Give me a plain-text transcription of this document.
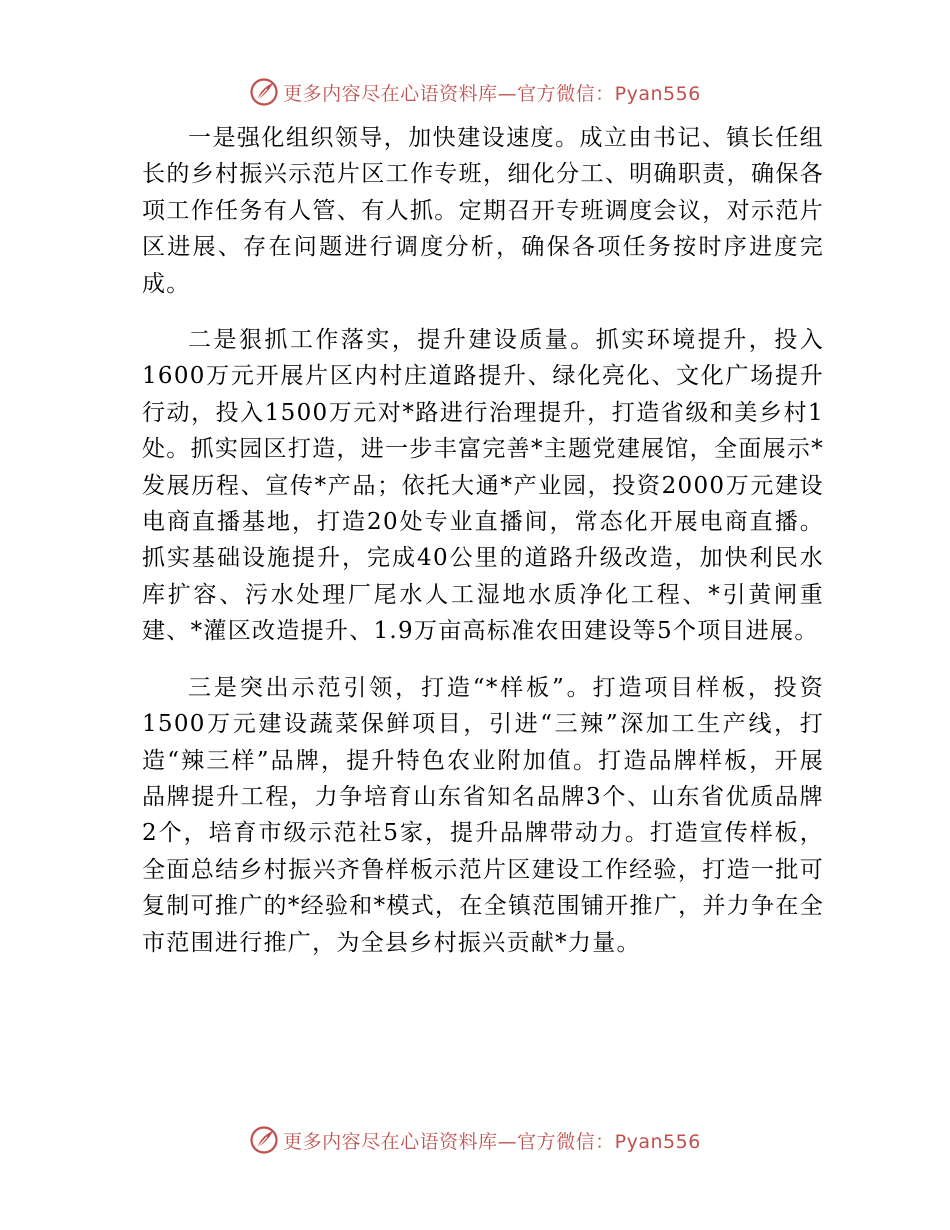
更多内容尽在心语资料库—官方微信：Pyan556

一是强化组织领导，加快建设速度。成立由书记、镇长任组长的乡村振兴示范片区工作专班，细化分工、明确职责，确保各项工作任务有人管、有人抓。定期召开专班调度会议，对示范片区进展、存在问题进行调度分析，确保各项任务按时序进度完成。

二是狠抓工作落实，提升建设质量。抓实环境提升，投入1600万元开展片区内村庄道路提升、绿化亮化、文化广场提升行动，投入1500万元对*路进行治理提升，打造省级和美乡村1处。抓实园区打造，进一步丰富完善*主题党建展馆，全面展示*发展历程、宣传*产品；依托大通*产业园，投资2000万元建设电商直播基地，打造20处专业直播间，常态化开展电商直播。抓实基础设施提升，完成40公里的道路升级改造，加快利民水库扩容、污水处理厂尾水人工湿地水质净化工程、*引黄闸重建、*灌区改造提升、1.9万亩高标准农田建设等5个项目进展。

三是突出示范引领，打造“*样板”。打造项目样板，投资1500万元建设蔬菜保鲜项目，引进“三辣”深加工生产线，打造“辣三样”品牌，提升特色农业附加值。打造品牌样板，开展品牌提升工程，力争培育山东省知名品牌3个、山东省优质品牌2个，培育市级示范社5家，提升品牌带动力。打造宣传样板，全面总结乡村振兴齐鲁样板示范片区建设工作经验，打造一批可复制可推广的*经验和*模式，在全镇范围铺开推广，并力争在全市范围进行推广，为全县乡村振兴贡献*力量。

更多内容尽在心语资料库—官方微信：Pyan556
